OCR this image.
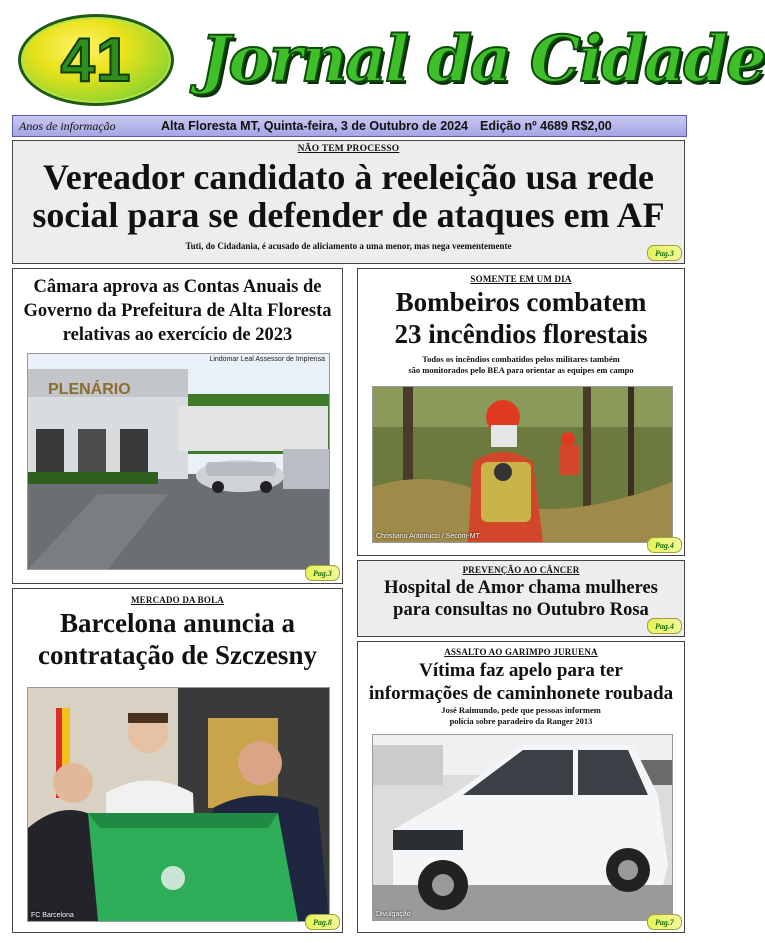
41 Jornal da Cidade
Anos de informação	Alta Floresta MT, Quinta-feira, 3 de Outubro de 2024 Edição nº 4689 R$2,00
NÃO TEM PROCESSO
Vereador candidato à reeleição usa rede
social para se defender de ataques em AF
Tuti, do Cidadania, é acusado de aliciamento a uma menor, mas nega veementemente
Pag.3
Câmara aprova as Contas Anuais de
Governo da Prefeitura de Alta Floresta
relativas ao exercício de 2023
PLENÁRIO
Lindomar Leal Assessor de Imprensa
Pag.3
SOMENTE EM UM DIA
Bombeiros combatem
23 incêndios florestais
Todos os incêndios combatidos pelos militares também
são monitorados pelo BEA para orientar as equipes em campo
Christiano Antonucci / Secom-MT
Pag.4
PREVENÇÃO AO CÂNCER
Hospital de Amor chama mulheres
para consultas no Outubro Rosa
Pag.4
MERCADO DA BOLA
Barcelona anuncia a
contratação de Szczesny
FC Barcelona
Pag.8
ASSALTO AO GARIMPO JURUENA
Vítima faz apelo para ter
informações de caminhonete roubada
José Raimundo, pede que pessoas informem
polícia sobre paradeiro da Ranger 2013
Divulgação
Pag.7
